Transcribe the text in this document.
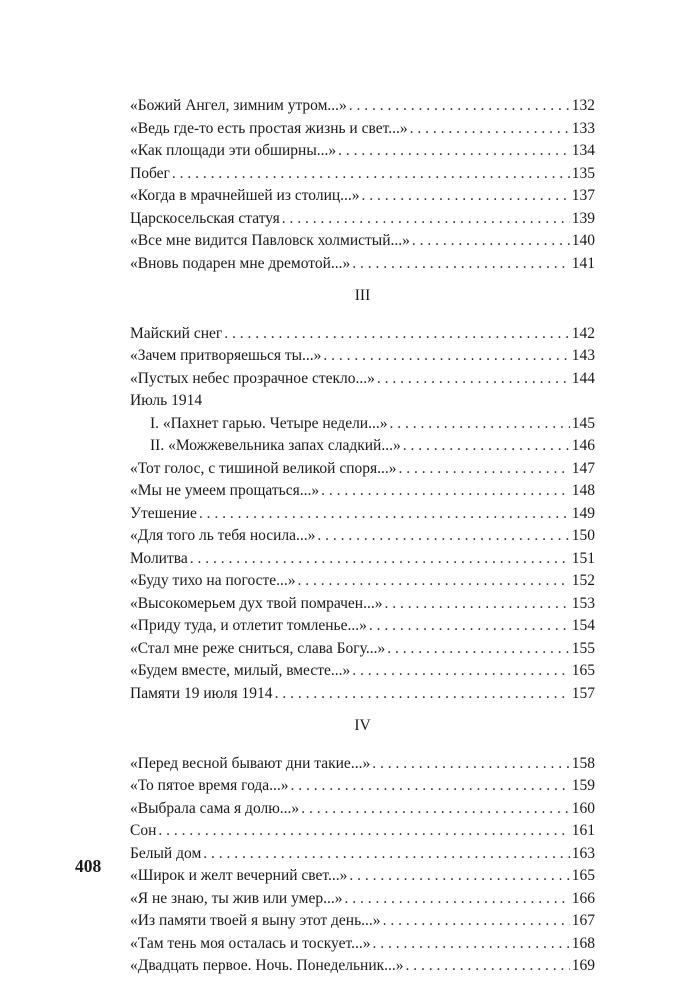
«Божий Ангел, зимним утром...» . . .	132
«Ведь где-то есть простая жизнь и свет...» . . .	133
«Как площади эти обширны...» . . .	134
Побег . . .	135
«Когда в мрачнейшей из столиц...» . . .	137
Царскосельская статуя . . .	139
«Все мне видится Павловск холмистый...» . . .	140
«Вновь подарен мне дремотой...» . . .	141
III
Майский снег . . .	142
«Зачем притворяешься ты...» . . .	143
«Пустых небес прозрачное стекло...» . . .	144
Июль 1914
I. «Пахнет гарью. Четыре недели...» . . .	145
II. «Можжевельника запах сладкий...» . . .	146
«Тот голос, с тишиной великой споря...» . . .	147
«Мы не умеем прощаться...» . . .	148
Утешение . . .	149
«Для того ль тебя носила...» . . .	150
Молитва . . .	151
«Буду тихо на погосте...» . . .	152
«Высокомерьем дух твой помрачен...» . . .	153
«Приду туда, и отлетит томленье...» . . .	154
«Стал мне реже сниться, слава Богу...» . . .	155
«Будем вместе, милый, вместе...» . . .	165
Памяти 19 июля 1914 . . .	157
IV
«Перед весной бывают дни такие...» . . .	158
«То пятое время года...» . . .	159
«Выбрала сама я долю...» . . .	160
Сон . . .	161
Белый дом . . .	163
«Широк и желт вечерний свет...» . . .	165
«Я не знаю, ты жив или умер...» . . .	166
«Из памяти твоей я выну этот день...» . . .	167
«Там тень моя осталась и тоскует...» . . .	168
«Двадцать первое. Ночь. Понедельник...» . . .	169
408
